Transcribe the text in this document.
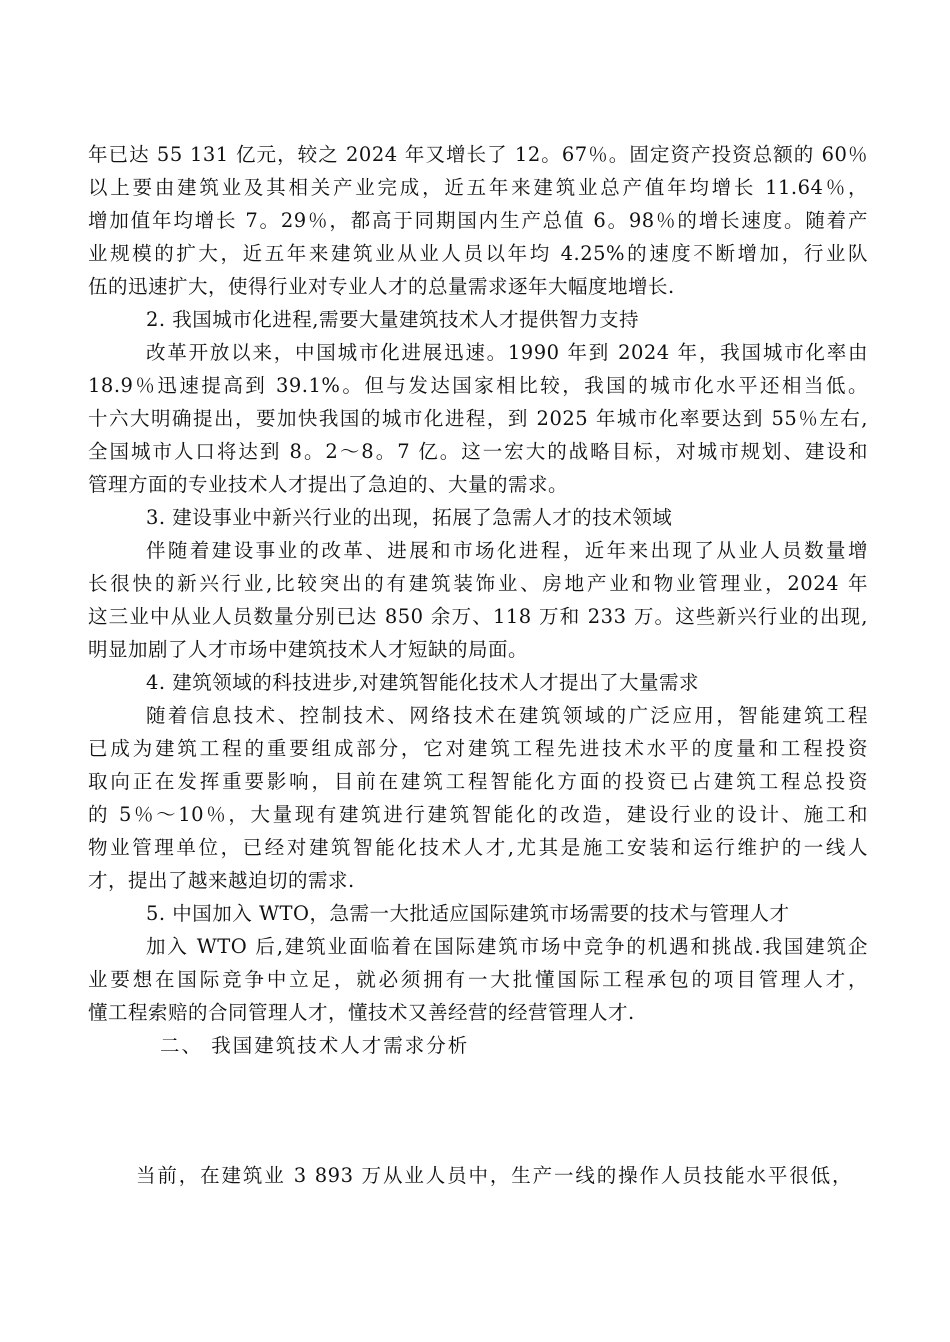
年已达 55 131 亿元，较之 2024 年又增长了 12。67％。固定资产投资总额的 60％
以上要由建筑业及其相关产业完成，近五年来建筑业总产值年均增长 11.64％，
增加值年均增长 7。29％，都高于同期国内生产总值 6。98％的增长速度。随着产
业规模的扩大，近五年来建筑业从业人员以年均 4.25%的速度不断增加，行业队
伍的迅速扩大，使得行业对专业人才的总量需求逐年大幅度地增长.
2. 我国城市化进程,需要大量建筑技术人才提供智力支持
改革开放以来，中国城市化进展迅速。1990 年到 2024 年，我国城市化率由
18.9％迅速提高到 39.1%。但与发达国家相比较，我国的城市化水平还相当低。
十六大明确提出，要加快我国的城市化进程，到 2025 年城市化率要达到 55％左右,
全国城市人口将达到 8。2～8。7 亿。这一宏大的战略目标，对城市规划、建设和
管理方面的专业技术人才提出了急迫的、大量的需求。
3. 建设事业中新兴行业的出现，拓展了急需人才的技术领域
伴随着建设事业的改革、进展和市场化进程，近年来出现了从业人员数量增
长很快的新兴行业,比较突出的有建筑装饰业、房地产业和物业管理业，2024 年
这三业中从业人员数量分别已达 850 余万、118 万和 233 万。这些新兴行业的出现,
明显加剧了人才市场中建筑技术人才短缺的局面。
4. 建筑领域的科技进步,对建筑智能化技术人才提出了大量需求
随着信息技术、控制技术、网络技术在建筑领域的广泛应用，智能建筑工程
已成为建筑工程的重要组成部分，它对建筑工程先进技术水平的度量和工程投资
取向正在发挥重要影响，目前在建筑工程智能化方面的投资已占建筑工程总投资
的 5％～10％，大量现有建筑进行建筑智能化的改造，建设行业的设计、施工和
物业管理单位，已经对建筑智能化技术人才,尤其是施工安装和运行维护的一线人
才，提出了越来越迫切的需求.
5. 中国加入 WTO，急需一大批适应国际建筑市场需要的技术与管理人才
加入 WTO 后,建筑业面临着在国际建筑市场中竞争的机遇和挑战.我国建筑企
业要想在国际竞争中立足，就必须拥有一大批懂国际工程承包的项目管理人才，
懂工程索赔的合同管理人才，懂技术又善经营的经营管理人才.
二、 我国建筑技术人才需求分析
当前，在建筑业 3 893 万从业人员中，生产一线的操作人员技能水平很低，
